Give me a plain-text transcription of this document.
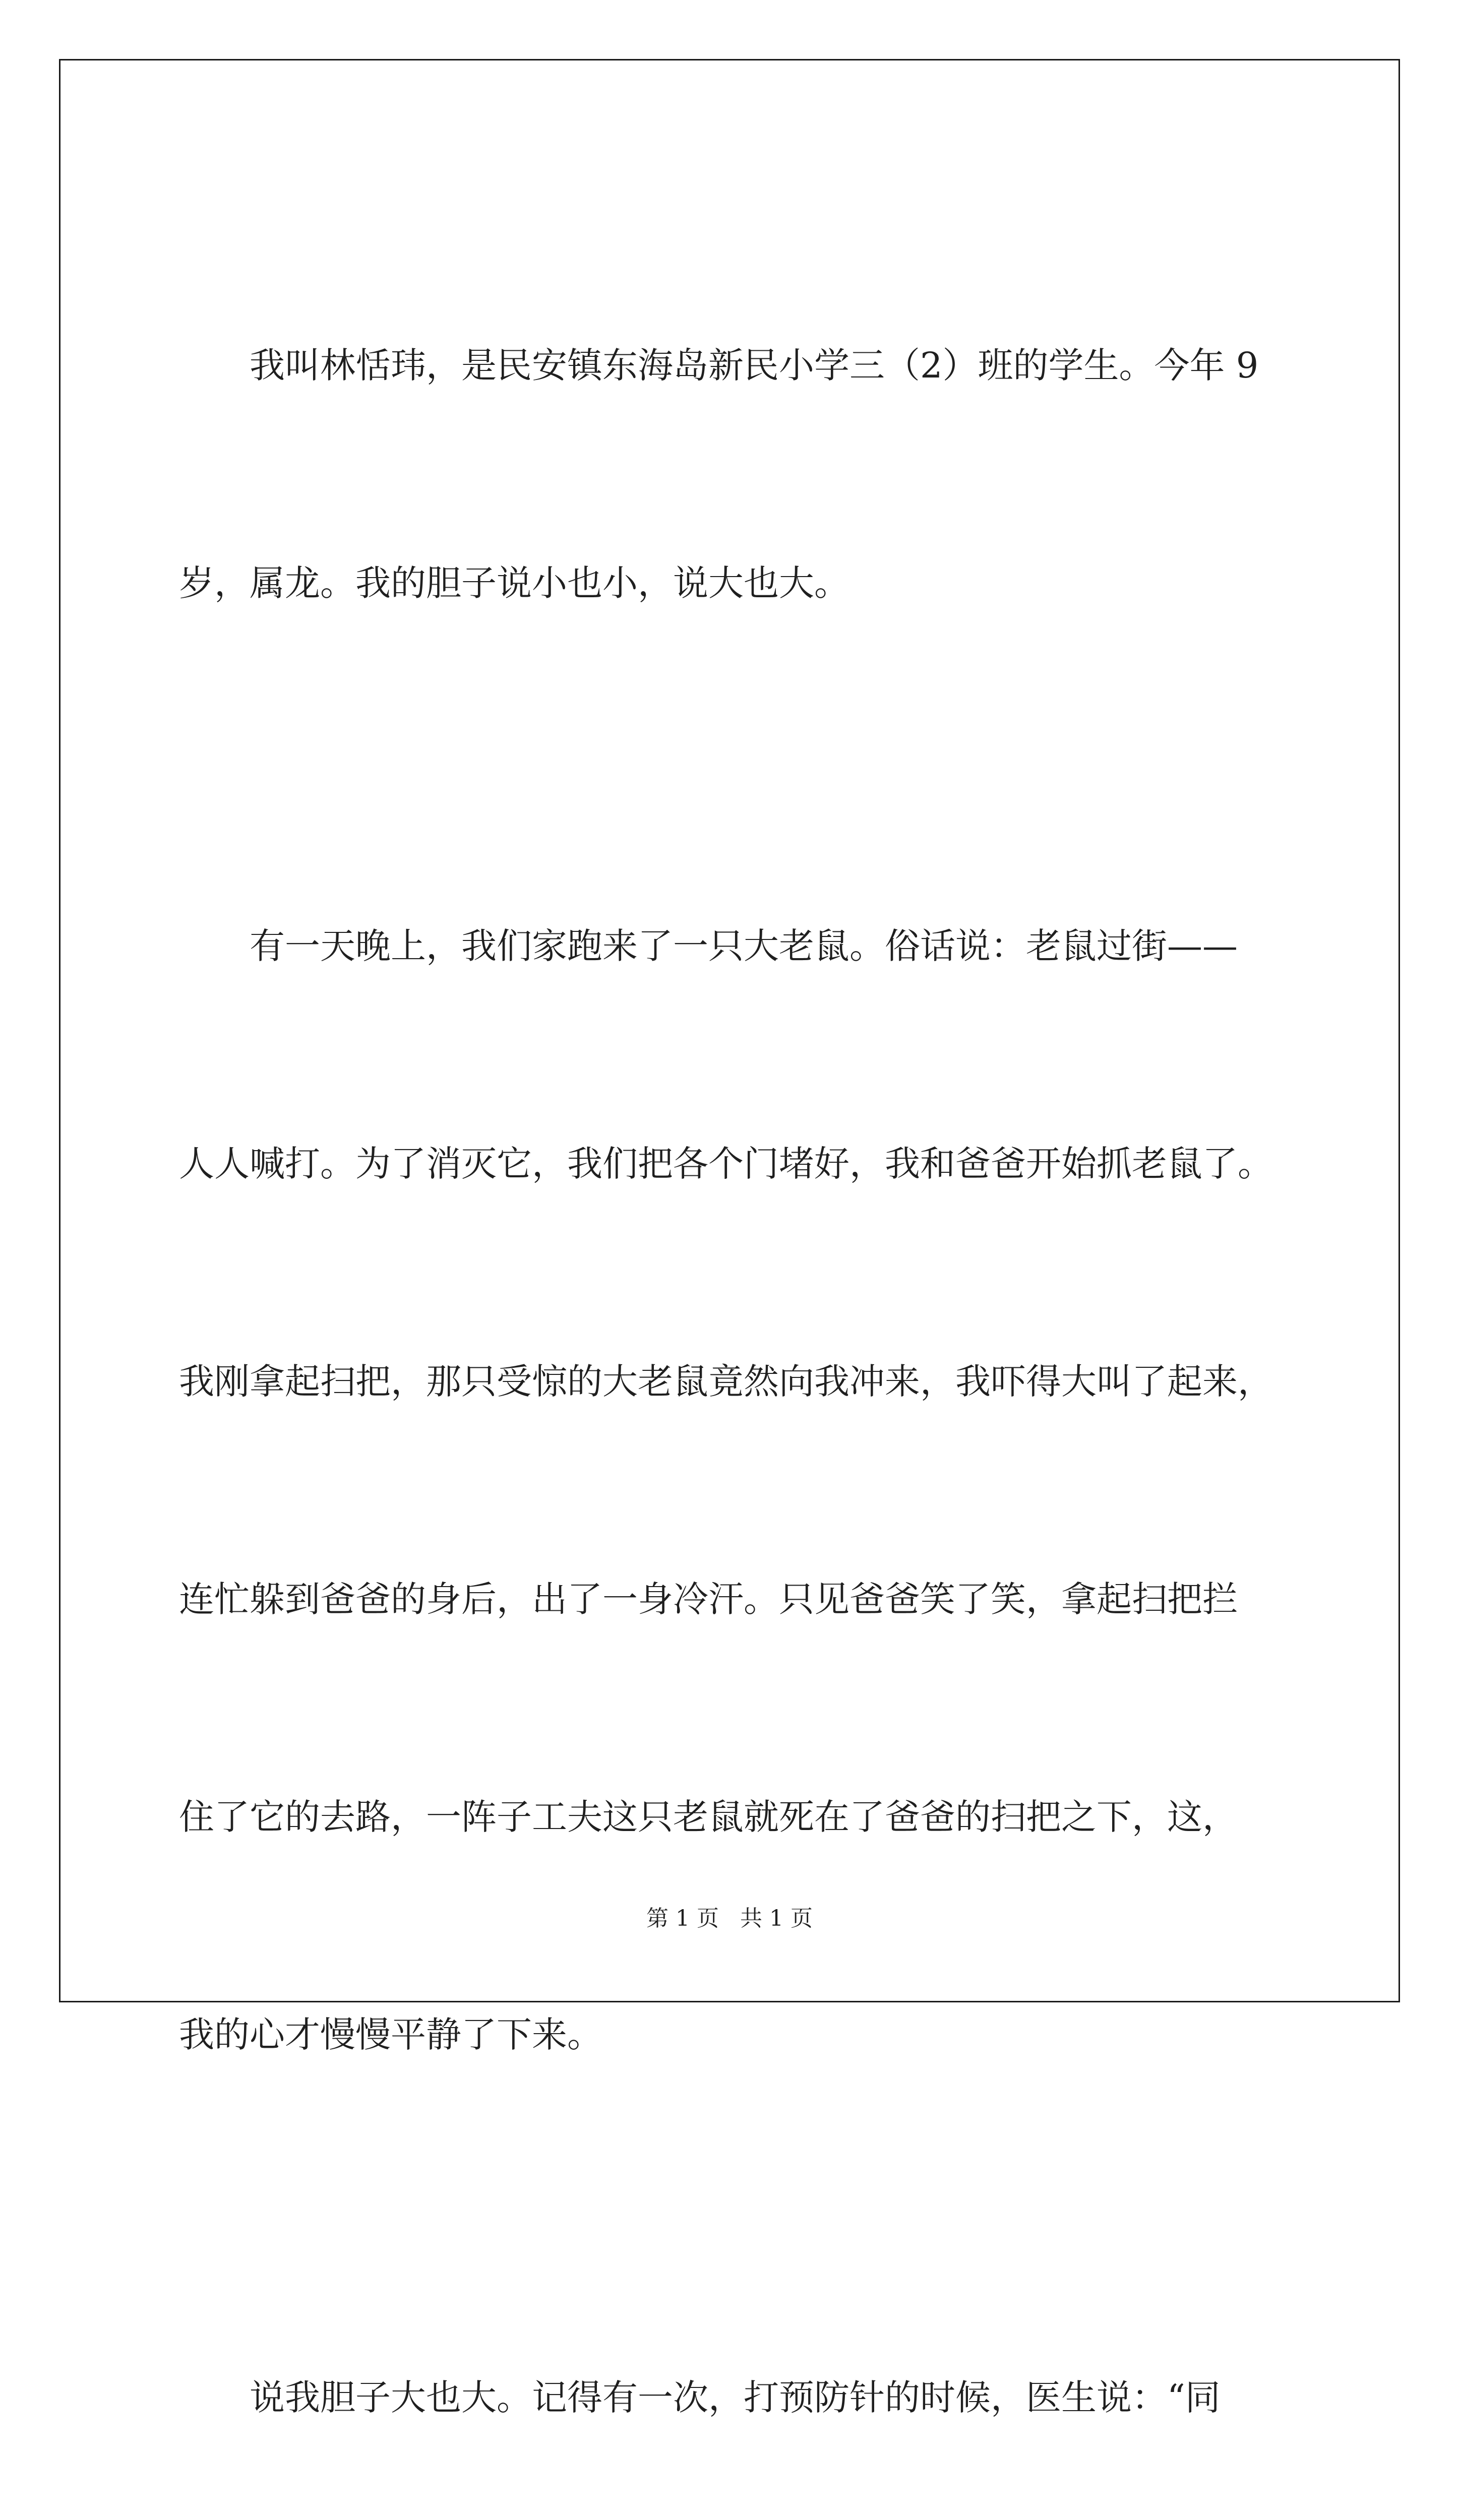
　　我叫林恬玮，是民安镇东海岛新民小学三（2）班的学生。今年 9

岁，属龙。我的胆子说小也小，说大也大。

　　有一天晚上，我们家跑来了一只大老鼠。俗话说：老鼠过街——

人人喊打。为了消灭它，我们把各个门堵好，我和爸爸开始抓老鼠了。

我刚拿起扫把，那只受惊的大老鼠竟然向我冲来，我吓得大叫了起来，

连忙躲到爸爸的身后，出了一身冷汗。只见爸爸笑了笑，拿起扫把拦

住了它的去路，一阵子工夫这只老鼠就死在了爸爸的扫把之下，这，

我的心才慢慢平静了下来。

　　说我胆子大也大。记得有一次，打预防针的时候，医生说：“同

第 1 页   共 1 页
